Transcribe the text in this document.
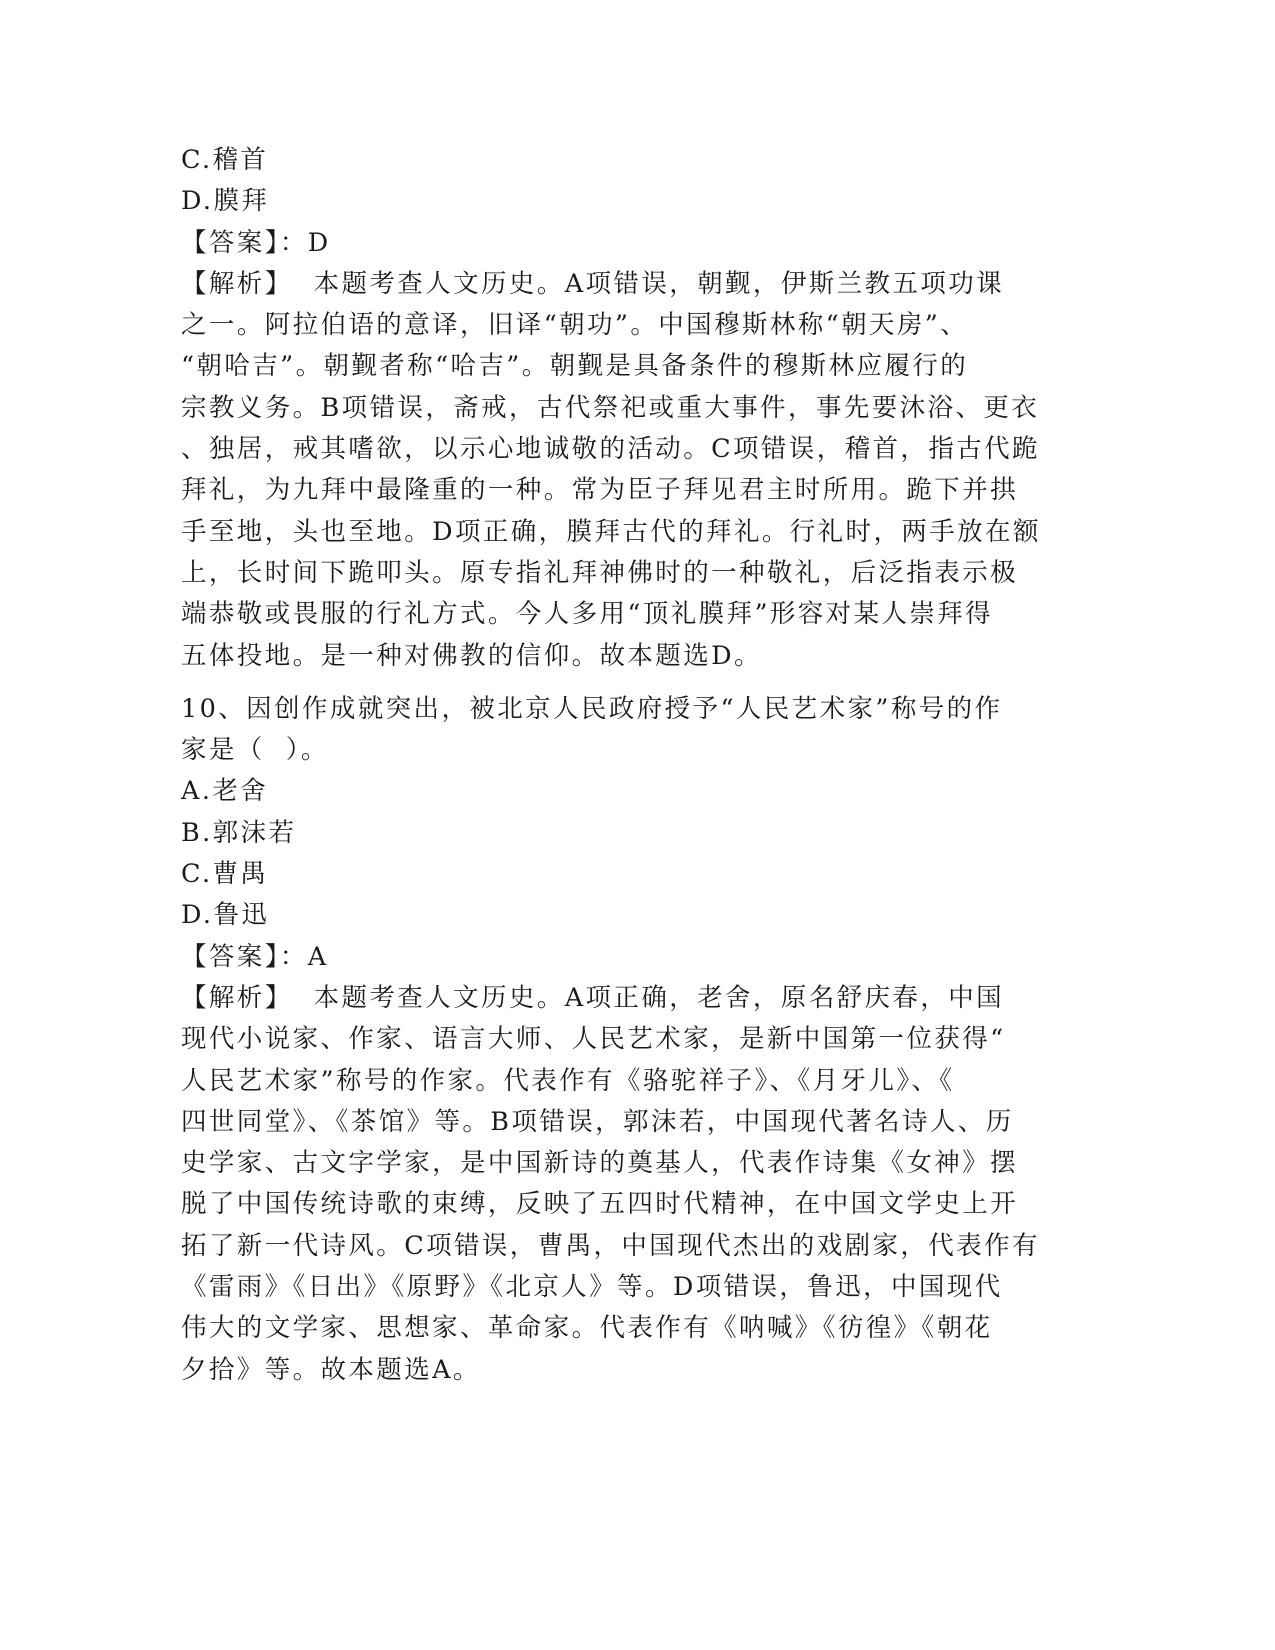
C.稽首
D.膜拜
【答案】：D
【解析】  本题考查人文历史。A项错误，朝觐，伊斯兰教五项功课
之一。阿拉伯语的意译，旧译“朝功”。中国穆斯林称“朝天房”、
“朝哈吉”。朝觐者称“哈吉”。朝觐是具备条件的穆斯林应履行的
宗教义务。B项错误，斋戒，古代祭祀或重大事件，事先要沐浴、更衣
、独居，戒其嗜欲，以示心地诚敬的活动。C项错误，稽首，指古代跪
拜礼，为九拜中最隆重的一种。常为臣子拜见君主时所用。跪下并拱
手至地，头也至地。D项正确，膜拜古代的拜礼。行礼时，两手放在额
上，长时间下跪叩头。原专指礼拜神佛时的一种敬礼，后泛指表示极
端恭敬或畏服的行礼方式。今人多用“顶礼膜拜”形容对某人崇拜得
五体投地。是一种对佛教的信仰。故本题选D。
10、因创作成就突出，被北京人民政府授予“人民艺术家”称号的作
家是（  ）。
A.老舍
B.郭沫若
C.曹禺
D.鲁迅
【答案】：A
【解析】  本题考查人文历史。A项正确，老舍，原名舒庆春，中国
现代小说家、作家、语言大师、人民艺术家，是新中国第一位获得“
人民艺术家”称号的作家。代表作有《骆驼祥子》、《月牙儿》、《
四世同堂》、《茶馆》等。B项错误，郭沫若，中国现代著名诗人、历
史学家、古文字学家，是中国新诗的奠基人，代表作诗集《女神》摆
脱了中国传统诗歌的束缚，反映了五四时代精神，在中国文学史上开
拓了新一代诗风。C项错误，曹禺，中国现代杰出的戏剧家，代表作有
《雷雨》《日出》《原野》《北京人》等。D项错误，鲁迅，中国现代
伟大的文学家、思想家、革命家。代表作有《呐喊》《彷徨》《朝花
夕拾》等。故本题选A。
